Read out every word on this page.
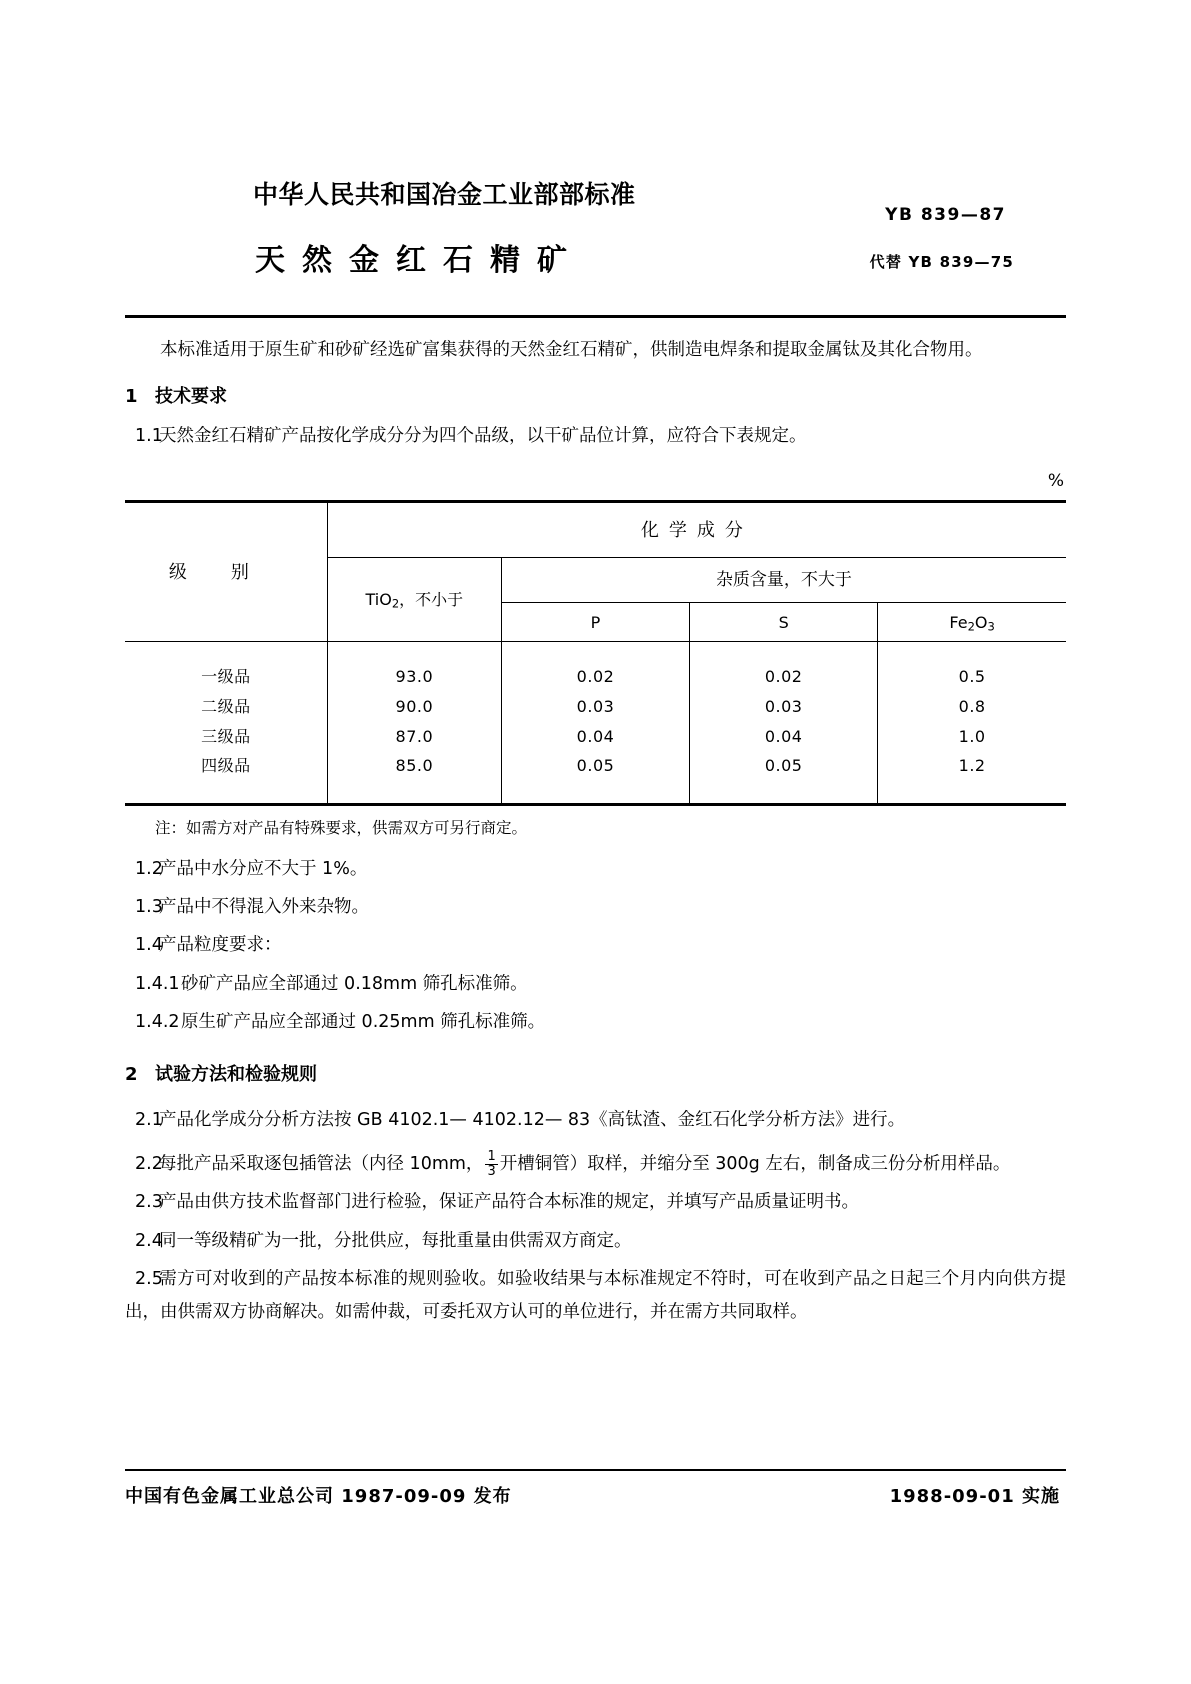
中华人民共和国冶金工业部部标准
YB 839—87
天然金红石精矿	代替 YB 839—75

本标准适用于原生矿和砂矿经选矿富集获得的天然金红石精矿，供制造电焊条和提取金属钛及其化合物用。

1 技术要求
1.1天然金红石精矿产品按化学成分分为四个品级，以干矿品位计算，应符合下表规定。
%
级别	化学成分			
	TiO$_2$，不小于	杂质含量，不大于		
		P	S	$Fe_2O_3$

一级品	93.0	0.02	0.02	0.5
二级品	90.0	0.03	0.03	0.8
三级品	87.0	0.04	0.04	1.0
四级品	85.0	0.05	0.05	1.2

注：如需方对产品有特殊要求，供需双方可另行商定。
1.2产品中水分应不大于 1%。
1.3产品中不得混入外来杂物。
1.4产品粒度要求：
1.4.1砂矿产品应全部通过 0.18mm 筛孔标准筛。
1.4.2原生矿产品应全部通过 0.25mm 筛孔标准筛。
2 试验方法和检验规则
2.1产品化学成分分析方法按 GB 4102.1— 4102.12— 83《高钛渣、金红石化学分析方法》进行。
2.2每批产品采取逐包插管法（内径 10mm， $\frac{1}{3}$ 开槽铜管）取样，并缩分至 300g 左右，制备成三份分析用样品。
2.3产品由供方技术监督部门进行检验，保证产品符合本标准的规定，并填写产品质量证明书。
2.4同一等级精矿为一批，分批供应，每批重量由供需双方商定。
2.5需方可对收到的产品按本标准的规则验收。如验收结果与本标准规定不符时，可在收到产品之日起三个月内向供方提出，由供需双方协商解决。如需仲裁，可委托双方认可的单位进行，并在需方共同取样。
中国有色金属工业总公司 1987-09-09 发布	1988-09-01 实施
